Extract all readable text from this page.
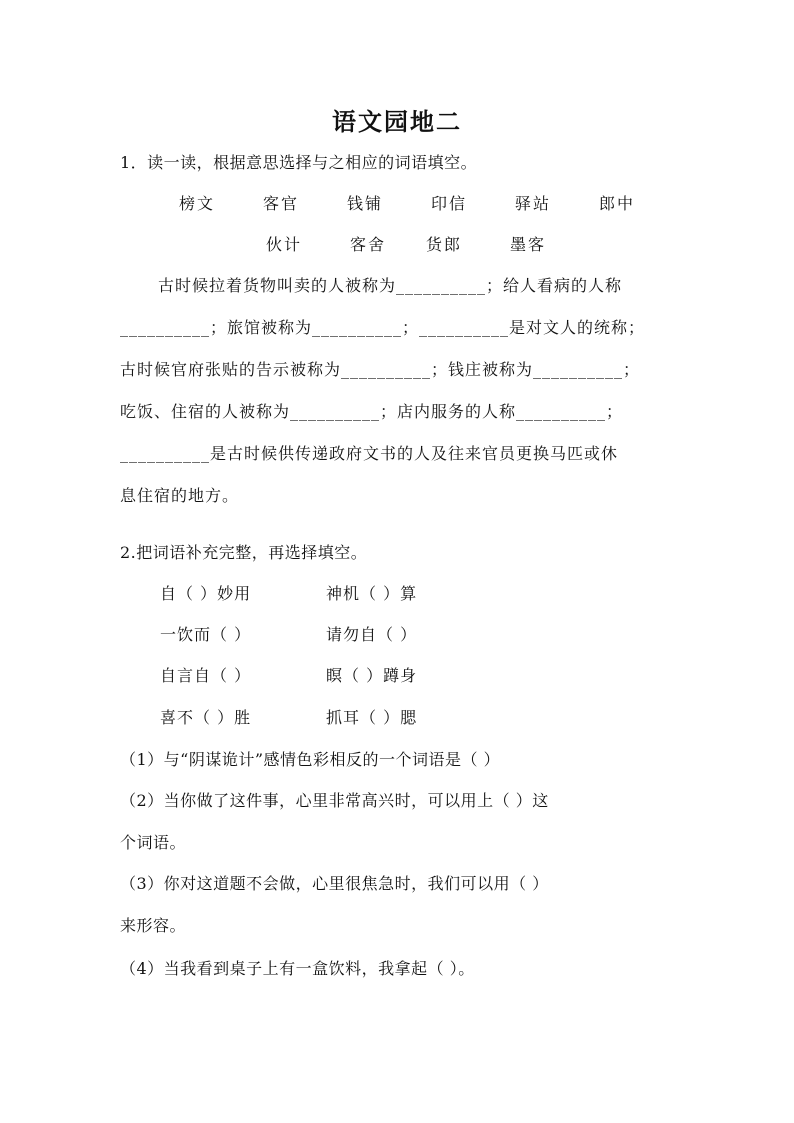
语文园地二
1．读一读，根据意思选择与之相应的词语填空。
榜文	客官	钱铺	印信	驿站	郎中
伙计	客舍 货郎	墨客
古时候拉着货物叫卖的人被称为__________；给人看病的人称
__________；旅馆被称为__________；__________是对文人的统称；
古时候官府张贴的告示被称为__________；钱庄被称为__________；
吃饭、住宿的人被称为__________；店内服务的人称__________；
__________是古时候供传递政府文书的人及往来官员更换马匹或休
息住宿的地方。
2.把词语补充完整，再选择填空。
自（ ）妙用	神机（ ）算
一饮而（ ）	请勿自（ ）
自言自（ ）	瞑（ ）蹲身
喜不（ ）胜	抓耳（ ）腮
（1）与“阴谋诡计”感情色彩相反的一个词语是（ ）
（2）当你做了这件事，心里非常高兴时，可以用上（ ）这
个词语。
（3）你对这道题不会做，心里很焦急时，我们可以用（ ）
来形容。
（4）当我看到桌子上有一盒饮料，我拿起（ ）。
